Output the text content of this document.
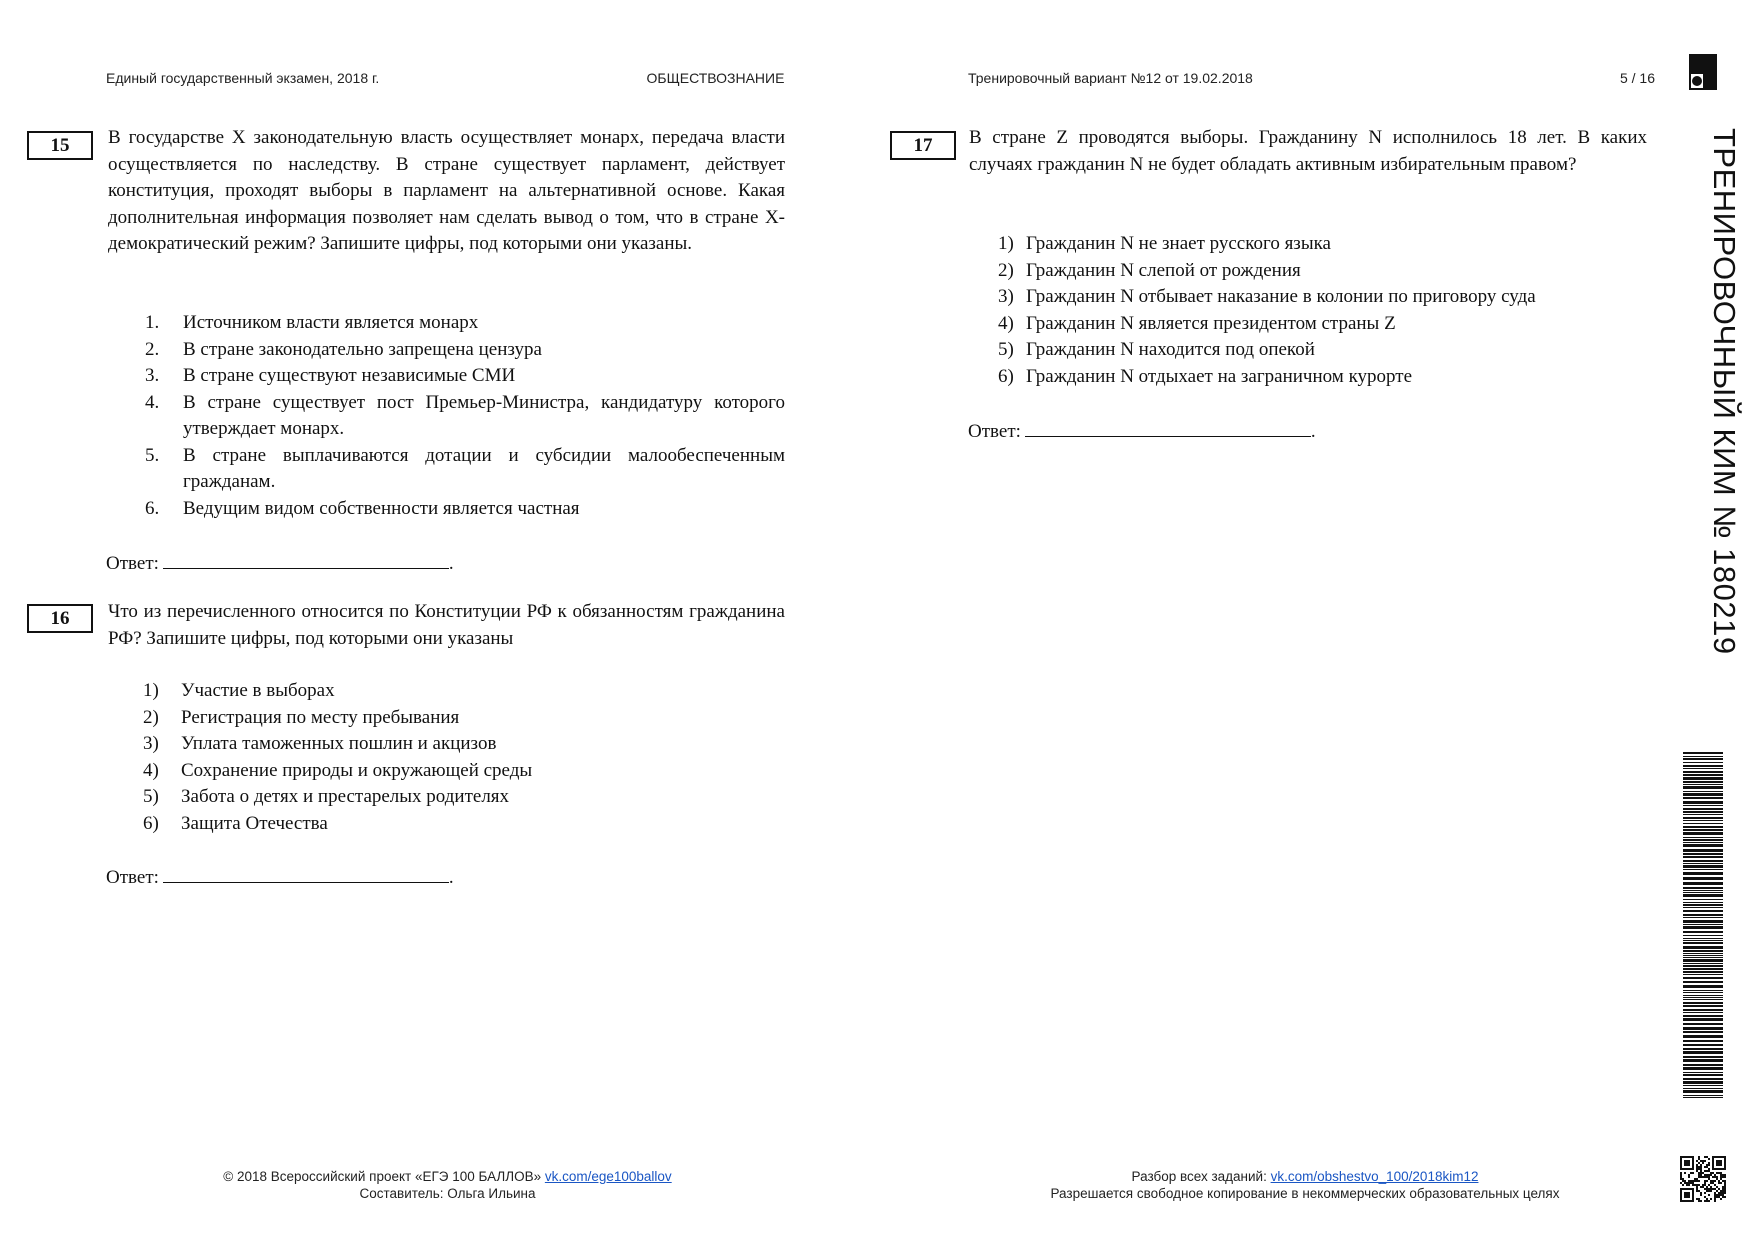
Единый государственный экзамен, 2018 г.	ОБЩЕСТВОЗНАНИЕ	Тренировочный вариант №12 от 19.02.2018	5 / 16
15	В государстве Х законодательную власть осуществляет монарх, передача власти осуществляется по наследству. В стране существует парламент, действует конституция, проходят выборы в парламент на альтернативной основе. Какая дополнительная информация позволяет нам сделать вывод о том, что в стране Х- демократический режим? Запишите цифры, под которыми они указаны.
1.	Источником власти является монарх
2.	В стране законодательно запрещена цензура
3.	В стране существуют независимые СМИ
4.	В стране существует пост Премьер-Министра, кандидатуру которого утверждает монарх.
5.	В стране выплачиваются дотации и субсидии малообеспеченным гражданам.
6.	Ведущим видом собственности является частная
Ответ:	.
16	Что из перечисленного относится по Конституции РФ к обязанностям гражданина РФ? Запишите цифры, под которыми они указаны
1)	Участие в выборах
2)	Регистрация по месту пребывания
3)	Уплата таможенных пошлин и акцизов
4)	Сохранение природы и окружающей среды
5)	Забота о детях и престарелых родителях
6)	Защита Отечества
Ответ:	.
17	В стране Z проводятся выборы. Гражданину N исполнилось 18 лет. В каких случаях гражданин N не будет обладать активным избирательным правом?
1) Гражданин N не знает русского языка
2) Гражданин N слепой от рождения
3) Гражданин N отбывает наказание в колонии по приговору суда
4) Гражданин N является президентом страны Z
5) Гражданин N находится под опекой
6) Гражданин N отдыхает на заграничном курорте
Ответ:	.	ТРЕНИРОВОЧНЫЙ КИМ № 180219
© 2018 Всероссийский проект «ЕГЭ 100 БАЛЛОВ» vk.com/ege100ballov
Составитель: Ольга Ильина
Разбор всех заданий: vk.com/obshestvo_100/2018kim12
Разрешается свободное копирование в некоммерческих образовательных целях
